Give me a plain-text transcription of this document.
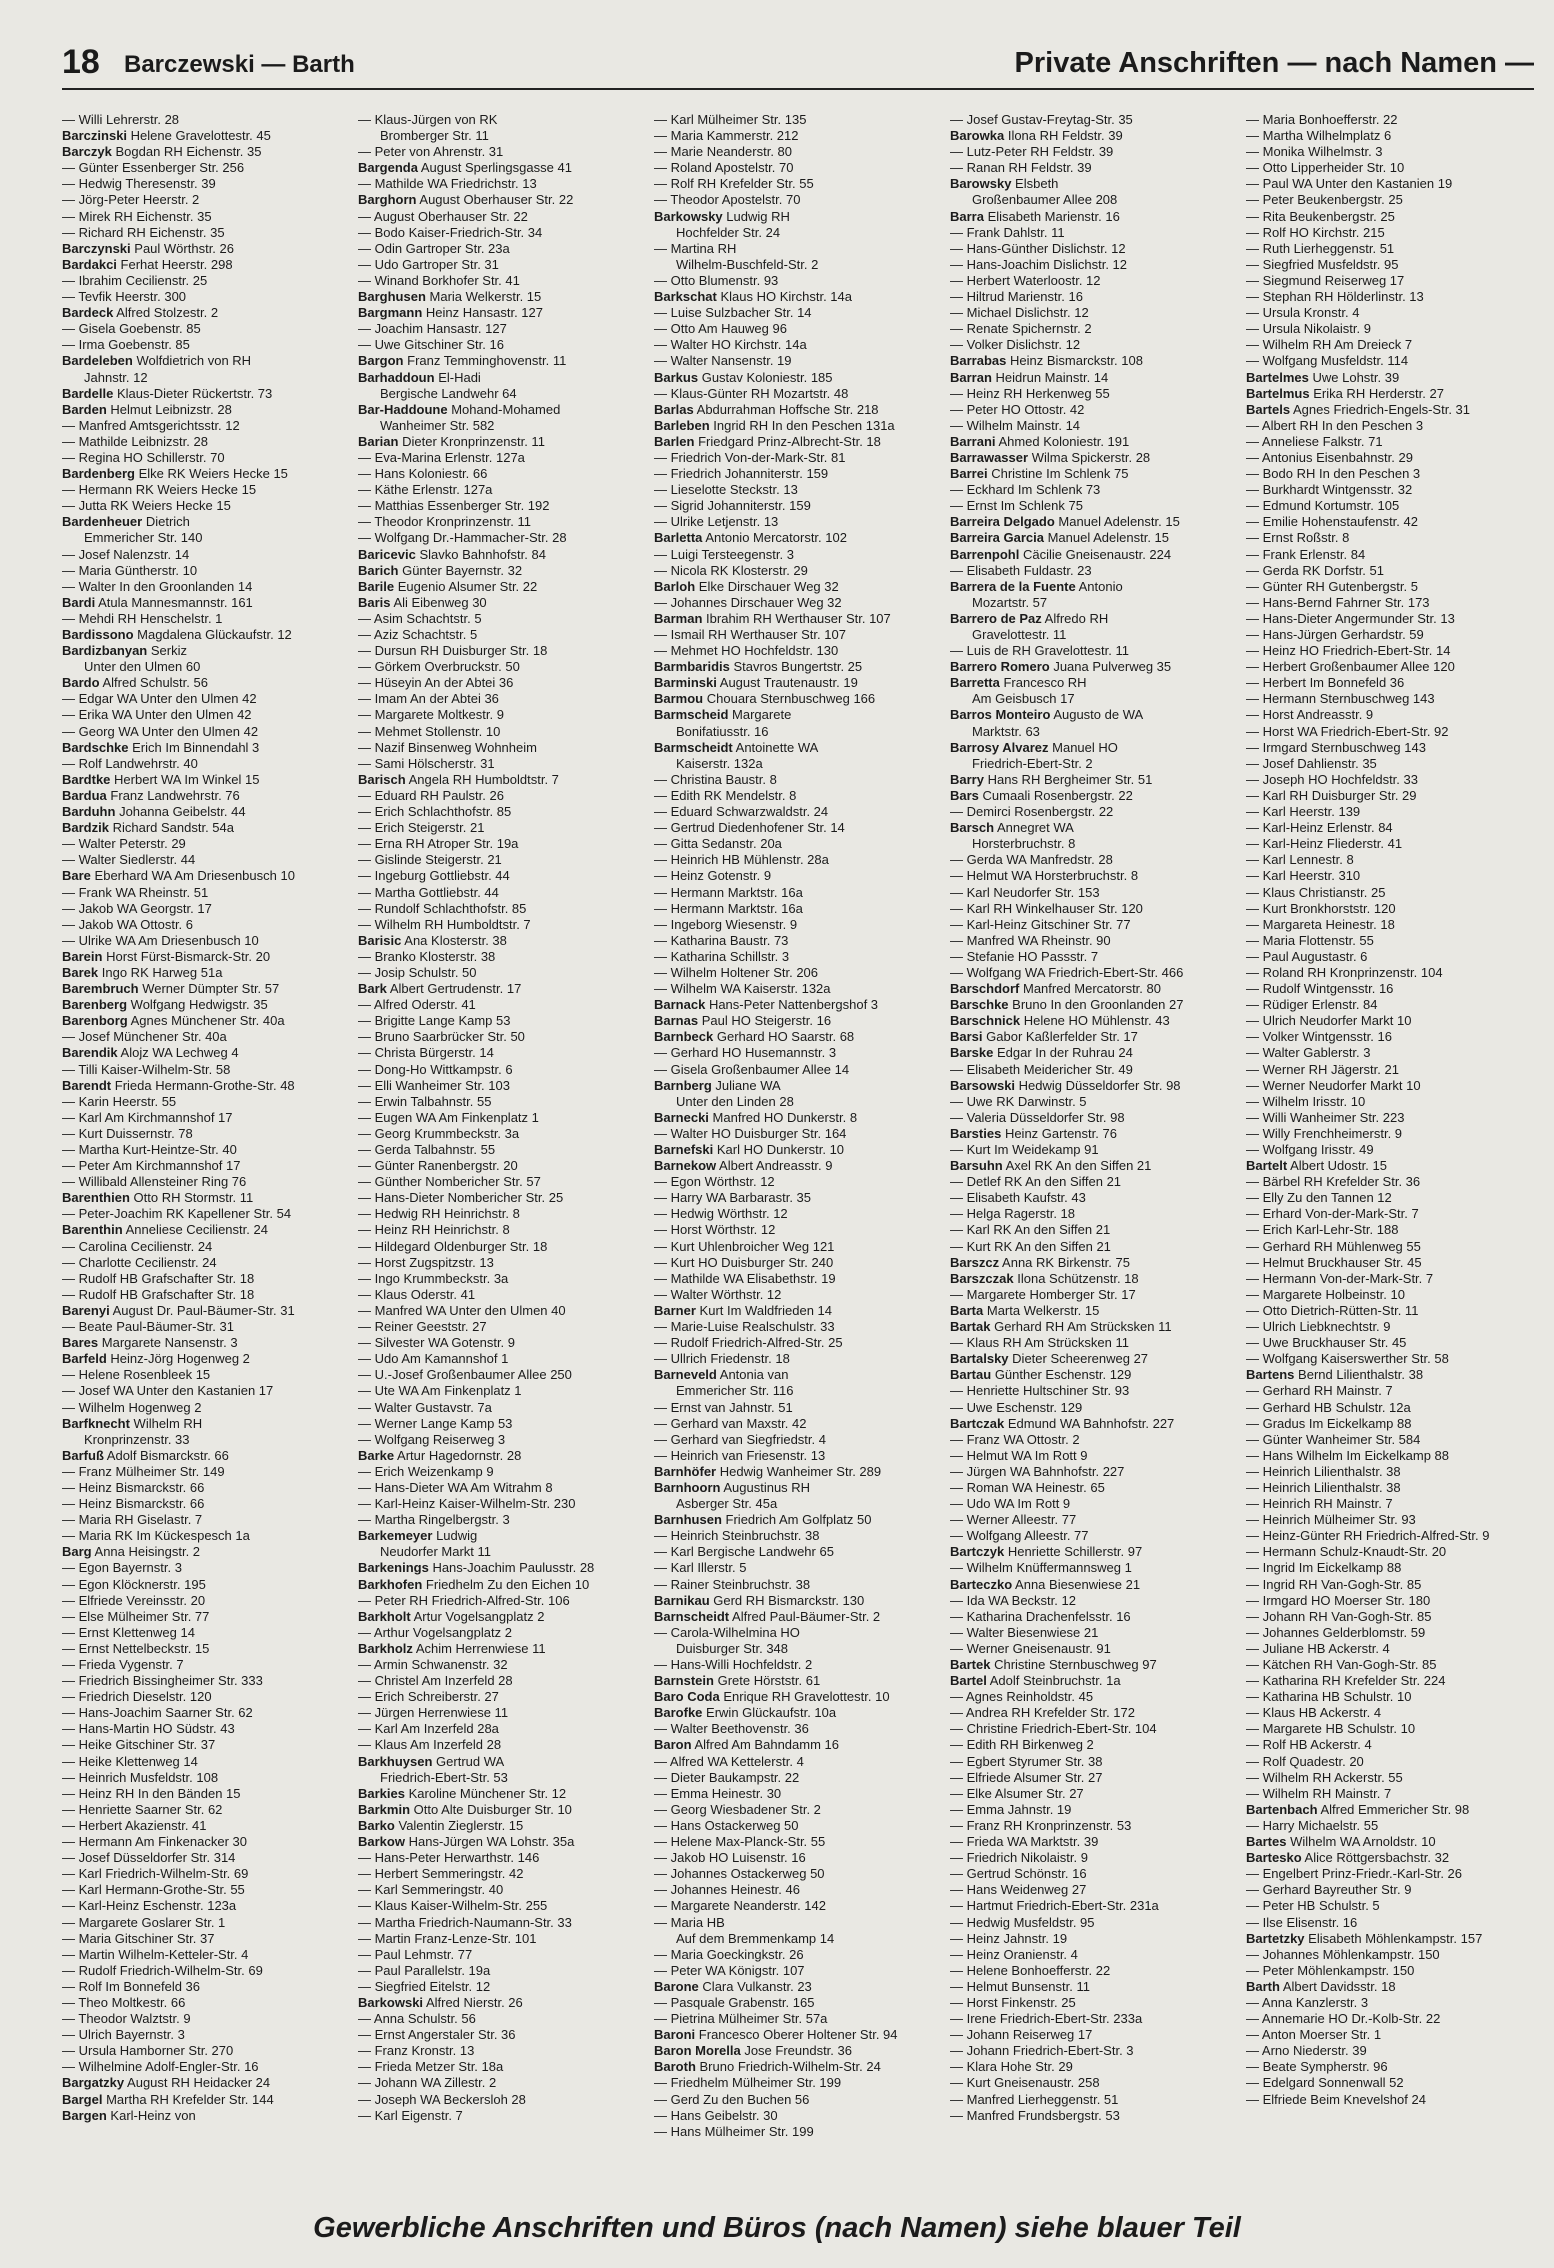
18 Barczewski — Barth	Private Anschriften — nach Namen —
— Willi Lehrerstr. 28
Barczinski Helene Gravelottestr. 45
Barczyk Bogdan RH Eichenstr. 35
— Günter Essenberger Str. 256
— Hedwig Theresenstr. 39
— Jörg-Peter Heerstr. 2
— Mirek RH Eichenstr. 35
— Richard RH Eichenstr. 35
Barczynski Paul Wörthstr. 26
Bardakci Ferhat Heerstr. 298
— Ibrahim Cecilienstr. 25
— Tevfik Heerstr. 300
Bardeck Alfred Stolzestr. 2
— Gisela Goebenstr. 85
— Irma Goebenstr. 85
Bardeleben Wolfdietrich von RH
Jahnstr. 12
Bardelle Klaus-Dieter Rückertstr. 73
Barden Helmut Leibnizstr. 28
— Manfred Amtsgerichtsstr. 12
— Mathilde Leibnizstr. 28
— Regina HO Schillerstr. 70
Bardenberg Elke RK Weiers Hecke 15
— Hermann RK Weiers Hecke 15
— Jutta RK Weiers Hecke 15
Bardenheuer Dietrich
Emmericher Str. 140
— Josef Nalenzstr. 14
— Maria Güntherstr. 10
— Walter In den Groonlanden 14
Bardi Atula Mannesmannstr. 161
— Mehdi RH Henschelstr. 1
Bardissono Magdalena Glückaufstr. 12
Bardizbanyan Serkiz
Unter den Ulmen 60
Bardo Alfred Schulstr. 56
— Edgar WA Unter den Ulmen 42
— Erika WA Unter den Ulmen 42
— Georg WA Unter den Ulmen 42
Bardschke Erich Im Binnendahl 3
— Rolf Landwehrstr. 40
Bardtke Herbert WA Im Winkel 15
Barduа Franz Landwehrstr. 76
Barduhn Johanna Geibelstr. 44
Bardzik Richard Sandstr. 54a
— Walter Peterstr. 29
— Walter Siedlerstr. 44
Bare Eberhard WA Am Driesenbusch 10
— Frank WA Rheinstr. 51
— Jakob WA Georgstr. 17
— Jakob WA Ottostr. 6
— Ulrike WA Am Driesenbusch 10
Barein Horst Fürst-Bismarck-Str. 20
Barek Ingo RK Harweg 51a
Barembruch Werner Dümpter Str. 57
Barenberg Wolfgang Hedwigstr. 35
Barenborg Agnes Münchener Str. 40a
— Josef Münchener Str. 40a
Barendik Alojz WA Lechweg 4
— Tilli Kaiser-Wilhelm-Str. 58
Barendt Frieda Hermann-Grothe-Str. 48
— Karin Heerstr. 55
— Karl Am Kirchmannshof 17
— Kurt Duissernstr. 78
— Martha Kurt-Heintze-Str. 40
— Peter Am Kirchmannshof 17
— Willibald Allensteiner Ring 76
Barenthien Otto RH Stormstr. 11
— Peter-Joachim RK Kapellener Str. 54
Barenthin Anneliese Cecilienstr. 24
— Carolina Cecilienstr. 24
— Charlotte Cecilienstr. 24
— Rudolf HB Grafschafter Str. 18
— Rudolf HB Grafschafter Str. 18
Barenyi August Dr. Paul-Bäumer-Str. 31
— Beate Paul-Bäumer-Str. 31
Bares Margarete Nansenstr. 3
Barfeld Heinz-Jörg Hogenweg 2
— Helene Rosenbleek 15
— Josef WA Unter den Kastanien 17
— Wilhelm Hogenweg 2
Barfknecht Wilhelm RH
Kronprinzenstr. 33
Barfuß Adolf Bismarckstr. 66
— Franz Mülheimer Str. 149
— Heinz Bismarckstr. 66
— Heinz Bismarckstr. 66
— Maria RH Giselastr. 7
— Maria RK Im Kückespesch 1a
Barg Anna Heisingstr. 2
— Egon Bayernstr. 3
— Egon Klöcknerstr. 195
— Elfriede Vereinsstr. 20
— Else Mülheimer Str. 77
— Ernst Klettenweg 14
— Ernst Nettelbeckstr. 15
— Frieda Vygenstr. 7
— Friedrich Bissingheimer Str. 333
— Friedrich Dieselstr. 120
— Hans-Joachim Saarner Str. 62
— Hans-Martin HO Südstr. 43
— Heike Gitschiner Str. 37
— Heike Klettenweg 14
— Heinrich Musfeldstr. 108
— Heinz RH In den Bänden 15
— Henriette Saarner Str. 62
— Herbert Akazienstr. 41
— Hermann Am Finkenacker 30
— Josef Düsseldorfer Str. 314
— Karl Friedrich-Wilhelm-Str. 69
— Karl Hermann-Grothe-Str. 55
— Karl-Heinz Eschenstr. 123a
— Margarete Goslarer Str. 1
— Maria Gitschiner Str. 37
— Martin Wilhelm-Ketteler-Str. 4
— Rudolf Friedrich-Wilhelm-Str. 69
— Rolf Im Bonnefeld 36
— Theo Moltkestr. 66
— Theodor Walztstr. 9
— Ulrich Bayernstr. 3
— Ursula Hamborner Str. 270
— Wilhelmine Adolf-Engler-Str. 16
Bargatzky August RH Heidacker 24
Bargel Martha RH Krefelder Str. 144
Bargen Karl-Heinz von
— Klaus-Jürgen von RK
Bromberger Str. 11
— Peter von Ahrenstr. 31
Bargenda August Sperlingsgasse 41
— Mathilde WA Friedrichstr. 13
Barghorn August Oberhauser Str. 22
— August Oberhauser Str. 22
— Bodo Kaiser-Friedrich-Str. 34
— Odin Gartroper Str. 23a
— Udo Gartroper Str. 31
— Winand Borkhofer Str. 41
Barghusen Maria Welkerstr. 15
Bargmann Heinz Hansastr. 127
— Joachim Hansastr. 127
— Uwe Gitschiner Str. 16
Bargon Franz Temminghovenstr. 11
Barhaddoun El-Hadi
Bergische Landwehr 64
Bar-Haddoune Mohand-Mohamed
Wanheimer Str. 582
Barian Dieter Kronprinzenstr. 11
— Eva-Marina Erlenstr. 127a
— Hans Koloniestr. 66
— Käthe Erlenstr. 127a
— Matthias Essenberger Str. 192
— Theodor Kronprinzenstr. 11
— Wolfgang Dr.-Hammacher-Str. 28
Baricevic Slavko Bahnhofstr. 84
Barich Günter Bayernstr. 32
Barile Eugenio Alsumer Str. 22
Baris Ali Eibenweg 30
— Asim Schachtstr. 5
— Aziz Schachtstr. 5
— Dursun RH Duisburger Str. 18
— Görkem Overbruckstr. 50
— Hüseyin An der Abtei 36
— Imam An der Abtei 36
— Margarete Moltkestr. 9
— Mehmet Stollenstr. 10
— Nazif Binsenweg Wohnheim
— Sami Hölscherstr. 31
Barisch Angela RH Humboldtstr. 7
— Eduard RH Paulstr. 26
— Erich Schlachthofstr. 85
— Erich Steigerstr. 21
— Erna RH Atroper Str. 19a
— Gislinde Steigerstr. 21
— Ingeburg Gottliebstr. 44
— Martha Gottliebstr. 44
— Rundolf Schlachthofstr. 85
— Wilhelm RH Humboldtstr. 7
Barisic Ana Klosterstr. 38
— Branko Klosterstr. 38
— Josip Schulstr. 50
Bark Albert Gertrudenstr. 17
— Alfred Oderstr. 41
— Brigitte Lange Kamp 53
— Bruno Saarbrücker Str. 50
— Christa Bürgerstr. 14
— Dong-Ho Wittkampstr. 6
— Elli Wanheimer Str. 103
— Erwin Talbahnstr. 55
— Eugen WA Am Finkenplatz 1
— Georg Krummbeckstr. 3a
— Gerda Talbahnstr. 55
— Günter Ranenbergstr. 20
— Günther Nombericher Str. 57
— Hans-Dieter Nombericher Str. 25
— Hedwig RH Heinrichstr. 8
— Heinz RH Heinrichstr. 8
— Hildegard Oldenburger Str. 18
— Horst Zugspitzstr. 13
— Ingo Krummbeckstr. 3a
— Klaus Oderstr. 41
— Manfred WA Unter den Ulmen 40
— Reiner Geeststr. 27
— Silvester WA Gotenstr. 9
— Udo Am Kamannshof 1
— U.-Josef Großenbaumer Allee 250
— Ute WA Am Finkenplatz 1
— Walter Gustavstr. 7a
— Werner Lange Kamp 53
— Wolfgang Reiserweg 3
Barke Artur Hagedornstr. 28
— Erich Weizenkamp 9
— Hans-Dieter WA Am Witrahm 8
— Karl-Heinz Kaiser-Wilhelm-Str. 230
— Martha Ringelbergstr. 3
Barkemeyer Ludwig
Neudorfer Markt 11
Barkenings Hans-Joachim Paulusstr. 28
Barkhofen Friedhelm Zu den Eichen 10
— Peter RH Friedrich-Alfred-Str. 106
Barkholt Artur Vogelsangplatz 2
— Arthur Vogelsangplatz 2
Barkholz Achim Herrenwiese 11
— Armin Schwanenstr. 32
— Christel Am Inzerfeld 28
— Erich Schreiberstr. 27
— Jürgen Herrenwiese 11
— Karl Am Inzerfeld 28a
— Klaus Am Inzerfeld 28
Barkhuysen Gertrud WA
Friedrich-Ebert-Str. 53
Barkies Karoline Münchener Str. 12
Barkmin Otto Alte Duisburger Str. 10
Barko Valentin Zieglerstr. 15
Barkow Hans-Jürgen WA Lohstr. 35a
— Hans-Peter Herwarthstr. 146
— Herbert Semmeringstr. 42
— Karl Semmeringstr. 40
— Klaus Kaiser-Wilhelm-Str. 255
— Martha Friedrich-Naumann-Str. 33
— Martin Franz-Lenze-Str. 101
— Paul Lehmstr. 77
— Paul Parallelstr. 19a
— Siegfried Eitelstr. 12
Barkowski Alfred Nierstr. 26
— Anna Schulstr. 56
— Ernst Angerstaler Str. 36
— Franz Kronstr. 13
— Frieda Metzer Str. 18a
— Johann WA Zillestr. 2
— Joseph WA Beckersloh 28
— Karl Eigenstr. 7
— Karl Mülheimer Str. 135
— Maria Kammerstr. 212
— Marie Neanderstr. 80
— Roland Apostelstr. 70
— Rolf RH Krefelder Str. 55
— Theodor Apostelstr. 70
Barkowsky Ludwig RH
Hochfelder Str. 24
— Martina RH
Wilhelm-Buschfeld-Str. 2
— Otto Blumenstr. 93
Barkschat Klaus HO Kirchstr. 14a
— Luise Sulzbacher Str. 14
— Otto Am Hauweg 96
— Walter HO Kirchstr. 14a
— Walter Nansenstr. 19
Barkus Gustav Koloniestr. 185
— Klaus-Günter RH Mozartstr. 48
Barlas Abdurrahman Hoffsche Str. 218
Barleben Ingrid RH In den Peschen 131a
Barlen Friedgard Prinz-Albrecht-Str. 18
— Friedrich Von-der-Mark-Str. 81
— Friedrich Johanniterstr. 159
— Lieselotte Steckstr. 13
— Sigrid Johanniterstr. 159
— Ulrike Letjenstr. 13
Barletta Antonio Mercatorstr. 102
— Luigi Tersteegenstr. 3
— Nicola RK Klosterstr. 29
Barloh Elke Dirschauer Weg 32
— Johannes Dirschauer Weg 32
Barman Ibrahim RH Werthauser Str. 107
— Ismail RH Werthauser Str. 107
— Mehmet HO Hochfeldstr. 130
Barmbaridis Stavros Bungertstr. 25
Barminski August Trautenaustr. 19
Barmou Chouara Sternbuschweg 166
Barmscheid Margarete
Bonifatiusstr. 16
Barmscheidt Antoinette WA
Kaiserstr. 132a
— Christina Baustr. 8
— Edith RK Mendelstr. 8
— Eduard Schwarzwaldstr. 24
— Gertrud Diedenhofener Str. 14
— Gitta Sedanstr. 20a
— Heinrich HB Mühlenstr. 28a
— Heinz Gotenstr. 9
— Hermann Marktstr. 16a
— Hermann Marktstr. 16a
— Ingeborg Wiesenstr. 9
— Katharina Baustr. 73
— Katharina Schillstr. 3
— Wilhelm Holtener Str. 206
— Wilhelm WA Kaiserstr. 132a
Barnack Hans-Peter Nattenbergshof 3
Barnas Paul HO Steigerstr. 16
Barnbeck Gerhard HO Saarstr. 68
— Gerhard HO Husemannstr. 3
— Gisela Großenbaumer Allee 14
Barnberg Juliane WA
Unter den Linden 28
Barnecki Manfred HO Dunkerstr. 8
— Walter HO Duisburger Str. 164
Barnefski Karl HO Dunkerstr. 10
Barnekow Albert Andreasstr. 9
— Egon Wörthstr. 12
— Harry WA Barbarastr. 35
— Hedwig Wörthstr. 12
— Horst Wörthstr. 12
— Kurt Uhlenbroicher Weg 121
— Kurt HO Duisburger Str. 240
— Mathilde WA Elisabethstr. 19
— Walter Wörthstr. 12
Barner Kurt Im Waldfrieden 14
— Marie-Luise Realschulstr. 33
— Rudolf Friedrich-Alfred-Str. 25
— Ullrich Friedenstr. 18
Barneveld Antonia van
Emmericher Str. 116
— Ernst van Jahnstr. 51
— Gerhard van Maxstr. 42
— Gerhard van Siegfriedstr. 4
— Heinrich van Friesenstr. 13
Barnhöfer Hedwig Wanheimer Str. 289
Barnhoorn Augustinus RH
Asberger Str. 45a
Barnhusen Friedrich Am Golfplatz 50
— Heinrich Steinbruchstr. 38
— Karl Bergische Landwehr 65
— Karl Illerstr. 5
— Rainer Steinbruchstr. 38
Barnikau Gerd RH Bismarckstr. 130
Barnscheidt Alfred Paul-Bäumer-Str. 2
— Carola-Wilhelmina HO
Duisburger Str. 348
— Hans-Willi Hochfeldstr. 2
Barnstein Grete Hörststr. 61
Baro Coda Enrique RH Gravelottestr. 10
Barofke Erwin Glückaufstr. 10a
— Walter Beethovenstr. 36
Baron Alfred Am Bahndamm 16
— Alfred WA Kettelerstr. 4
— Dieter Baukampstr. 22
— Emma Heinestr. 30
— Georg Wiesbadener Str. 2
— Hans Ostackerweg 50
— Helene Max-Planck-Str. 55
— Jakob HO Luisenstr. 16
— Johannes Ostackerweg 50
— Johannes Heinestr. 46
— Margarete Neanderstr. 142
— Maria HB
Auf dem Bremmenkamp 14
— Maria Goeckingkstr. 26
— Peter WA Königstr. 107
Barone Clara Vulkanstr. 23
— Pasquale Grabenstr. 165
— Pietrina Mülheimer Str. 57a
Baroni Francesco Oberer Holtener Str. 94
Baron Morella Jose Freundstr. 36
Baroth Bruno Friedrich-Wilhelm-Str. 24
— Friedhelm Mülheimer Str. 199
— Gerd Zu den Buchen 56
— Hans Geibelstr. 30
— Hans Mülheimer Str. 199
— Josef Gustav-Freytag-Str. 35
Barowka Ilona RH Feldstr. 39
— Lutz-Peter RH Feldstr. 39
— Ranan RH Feldstr. 39
Barowsky Elsbeth
Großenbaumer Allee 208
Barra Elisabeth Marienstr. 16
— Frank Dahlstr. 11
— Hans-Günther Dislichstr. 12
— Hans-Joachim Dislichstr. 12
— Herbert Waterloostr. 12
— Hiltrud Marienstr. 16
— Michael Dislichstr. 12
— Renate Spichernstr. 2
— Volker Dislichstr. 12
Barrabas Heinz Bismarckstr. 108
Barran Heidrun Mainstr. 14
— Heinz RH Herkenweg 55
— Peter HO Ottostr. 42
— Wilhelm Mainstr. 14
Barrani Ahmed Koloniestr. 191
Barrawasser Wilma Spickerstr. 28
Barrei Christine Im Schlenk 75
— Eckhard Im Schlenk 73
— Ernst Im Schlenk 75
Barreira Delgado Manuel Adelenstr. 15
Barreira Garcia Manuel Adelenstr. 15
Barrenpohl Cäcilie Gneisenaustr. 224
— Elisabeth Fuldastr. 23
Barrera de la Fuente Antonio
Mozartstr. 57
Barrero de Paz Alfredo RH
Gravelottestr. 11
— Luis de RH Gravelottestr. 11
Barrero Romero Juana Pulverweg 35
Barretta Francesco RH
Am Geisbusch 17
Barros Monteiro Augusto de WA
Marktstr. 63
Barrosy Alvarez Manuel HO
Friedrich-Ebert-Str. 2
Barry Hans RH Bergheimer Str. 51
Bars Cumaali Rosenbergstr. 22
— Demirci Rosenbergstr. 22
Barsch Annegret WA
Horsterbruchstr. 8
— Gerda WA Manfredstr. 28
— Helmut WA Horsterbruchstr. 8
— Karl Neudorfer Str. 153
— Karl RH Winkelhauser Str. 120
— Karl-Heinz Gitschiner Str. 77
— Manfred WA Rheinstr. 90
— Stefanie HO Passstr. 7
— Wolfgang WA Friedrich-Ebert-Str. 466
Barschdorf Manfred Mercatorstr. 80
Barschke Bruno In den Groonlanden 27
Barschnick Helene HO Mühlenstr. 43
Barsi Gabor Kaßlerfelder Str. 17
Barske Edgar In der Ruhrau 24
— Elisabeth Meidericher Str. 49
Barsowski Hedwig Düsseldorfer Str. 98
— Uwe RK Darwinstr. 5
— Valeria Düsseldorfer Str. 98
Barsties Heinz Gartenstr. 76
— Kurt Im Weidekamp 91
Barsuhn Axel RK An den Siffen 21
— Detlef RK An den Siffen 21
— Elisabeth Kaufstr. 43
— Helga Ragerstr. 18
— Karl RK An den Siffen 21
— Kurt RK An den Siffen 21
Barszcz Anna RK Birkenstr. 75
Barszczak Ilona Schützenstr. 18
— Margarete Homberger Str. 17
Barta Marta Welkerstr. 15
Bartak Gerhard RH Am Strücksken 11
— Klaus RH Am Strücksken 11
Bartalsky Dieter Scheerenweg 27
Bartau Günther Eschenstr. 129
— Henriette Hultschiner Str. 93
— Uwe Eschenstr. 129
Bartczak Edmund WA Bahnhofstr. 227
— Franz WA Ottostr. 2
— Helmut WA Im Rott 9
— Jürgen WA Bahnhofstr. 227
— Roman WA Heinestr. 65
— Udo WA Im Rott 9
— Werner Alleestr. 77
— Wolfgang Alleestr. 77
Bartczyk Henriette Schillerstr. 97
— Wilhelm Knüffermannsweg 1
Barteczko Anna Biesenwiese 21
— Ida WA Beckstr. 12
— Katharina Drachenfelsstr. 16
— Walter Biesenwiese 21
— Werner Gneisenaustr. 91
Bartek Christine Sternbuschweg 97
Bartel Adolf Steinbruchstr. 1a
— Agnes Reinholdstr. 45
— Andrea RH Krefelder Str. 172
— Christine Friedrich-Ebert-Str. 104
— Edith RH Birkenweg 2
— Egbert Styrumer Str. 38
— Elfriede Alsumer Str. 27
— Elke Alsumer Str. 27
— Emma Jahnstr. 19
— Franz RH Kronprinzenstr. 53
— Frieda WA Marktstr. 39
— Friedrich Nikolaistr. 9
— Gertrud Schönstr. 16
— Hans Weidenweg 27
— Hartmut Friedrich-Ebert-Str. 231a
— Hedwig Musfeldstr. 95
— Heinz Jahnstr. 19
— Heinz Oranienstr. 4
— Helene Bonhoefferstr. 22
— Helmut Bunsenstr. 11
— Horst Finkenstr. 25
— Irene Friedrich-Ebert-Str. 233a
— Johann Reiserweg 17
— Johann Friedrich-Ebert-Str. 3
— Klara Hohe Str. 29
— Kurt Gneisenaustr. 258
— Manfred Lierheggenstr. 51
— Manfred Frundsbergstr. 53
— Maria Bonhoefferstr. 22
— Martha Wilhelmplatz 6
— Monika Wilhelmstr. 3
— Otto Lipperheider Str. 10
— Paul WA Unter den Kastanien 19
— Peter Beukenbergstr. 25
— Rita Beukenbergstr. 25
— Rolf HO Kirchstr. 215
— Ruth Lierheggenstr. 51
— Siegfried Musfeldstr. 95
— Siegmund Reiserweg 17
— Stephan RH Hölderlinstr. 13
— Ursula Kronstr. 4
— Ursula Nikolaistr. 9
— Wilhelm RH Am Dreieck 7
— Wolfgang Musfeldstr. 114
Bartelmes Uwe Lohstr. 39
Bartelmus Erika RH Herderstr. 27
Bartels Agnes Friedrich-Engels-Str. 31
— Albert RH In den Peschen 3
— Anneliese Falkstr. 71
— Antonius Eisenbahnstr. 29
— Bodo RH In den Peschen 3
— Burkhardt Wintgensstr. 32
— Edmund Kortumstr. 105
— Emilie Hohenstaufenstr. 42
— Ernst Roßstr. 8
— Frank Erlenstr. 84
— Gerda RK Dorfstr. 51
— Günter RH Gutenbergstr. 5
— Hans-Bernd Fahrner Str. 173
— Hans-Dieter Angermunder Str. 13
— Hans-Jürgen Gerhardstr. 59
— Heinz HO Friedrich-Ebert-Str. 14
— Herbert Großenbaumer Allee 120
— Herbert Im Bonnefeld 36
— Hermann Sternbuschweg 143
— Horst Andreasstr. 9
— Horst WA Friedrich-Ebert-Str. 92
— Irmgard Sternbuschweg 143
— Josef Dahlienstr. 35
— Joseph HO Hochfeldstr. 33
— Karl RH Duisburger Str. 29
— Karl Heerstr. 139
— Karl-Heinz Erlenstr. 84
— Karl-Heinz Fliederstr. 41
— Karl Lennestr. 8
— Karl Heerstr. 310
— Klaus Christianstr. 25
— Kurt Bronkhorststr. 120
— Margareta Heinestr. 18
— Maria Flottenstr. 55
— Paul Augustastr. 6
— Roland RH Kronprinzenstr. 104
— Rudolf Wintgensstr. 16
— Rüdiger Erlenstr. 84
— Ulrich Neudorfer Markt 10
— Volker Wintgensstr. 16
— Walter Gablerstr. 3
— Werner RH Jägerstr. 21
— Werner Neudorfer Markt 10
— Wilhelm Irisstr. 10
— Willi Wanheimer Str. 223
— Willy Frenchheimerstr. 9
— Wolfgang Irisstr. 49
Bartelt Albert Udostr. 15
— Bärbel RH Krefelder Str. 36
— Elly Zu den Tannen 12
— Erhard Von-der-Mark-Str. 7
— Erich Karl-Lehr-Str. 188
— Gerhard RH Mühlenweg 55
— Helmut Bruckhauser Str. 45
— Hermann Von-der-Mark-Str. 7
— Margarete Holbeinstr. 10
— Otto Dietrich-Rütten-Str. 11
— Ulrich Liebknechtstr. 9
— Uwe Bruckhauser Str. 45
— Wolfgang Kaiserswerther Str. 58
Bartens Bernd Lilienthalstr. 38
— Gerhard RH Mainstr. 7
— Gerhard HB Schulstr. 12a
— Gradus Im Eickelkamp 88
— Günter Wanheimer Str. 584
— Hans Wilhelm Im Eickelkamp 88
— Heinrich Lilienthalstr. 38
— Heinrich Lilienthalstr. 38
— Heinrich RH Mainstr. 7
— Heinrich Mülheimer Str. 93
— Heinz-Günter RH Friedrich-Alfred-Str. 9
— Hermann Schulz-Knaudt-Str. 20
— Ingrid Im Eickelkamp 88
— Ingrid RH Van-Gogh-Str. 85
— Irmgard HO Moerser Str. 180
— Johann RH Van-Gogh-Str. 85
— Johannes Gelderblomstr. 59
— Juliane HB Ackerstr. 4
— Kätchen RH Van-Gogh-Str. 85
— Katharina RH Krefelder Str. 224
— Katharina HB Schulstr. 10
— Klaus HB Ackerstr. 4
— Margarete HB Schulstr. 10
— Rolf HB Ackerstr. 4
— Rolf Quadestr. 20
— Wilhelm RH Ackerstr. 55
— Wilhelm RH Mainstr. 7
Bartenbach Alfred Emmericher Str. 98
— Harry Michaelstr. 55
Bartes Wilhelm WA Arnoldstr. 10
Bartesko Alice Röttgersbachstr. 32
— Engelbert Prinz-Friedr.-Karl-Str. 26
— Gerhard Bayreuther Str. 9
— Peter HB Schulstr. 5
— Ilse Elisenstr. 16
Bartetzky Elisabeth Möhlenkampstr. 157
— Johannes Möhlenkampstr. 150
— Peter Möhlenkampstr. 150
Barth Albert Davidsstr. 18
— Anna Kanzlerstr. 3
— Annemarie HO Dr.-Kolb-Str. 22
— Anton Moerser Str. 1
— Arno Niederstr. 39
— Beate Sympherstr. 96
— Edelgard Sonnenwall 52
— Elfriede Beim Knevelshof 24
Gewerbliche Anschriften und Büros (nach Namen) siehe blauer Teil
